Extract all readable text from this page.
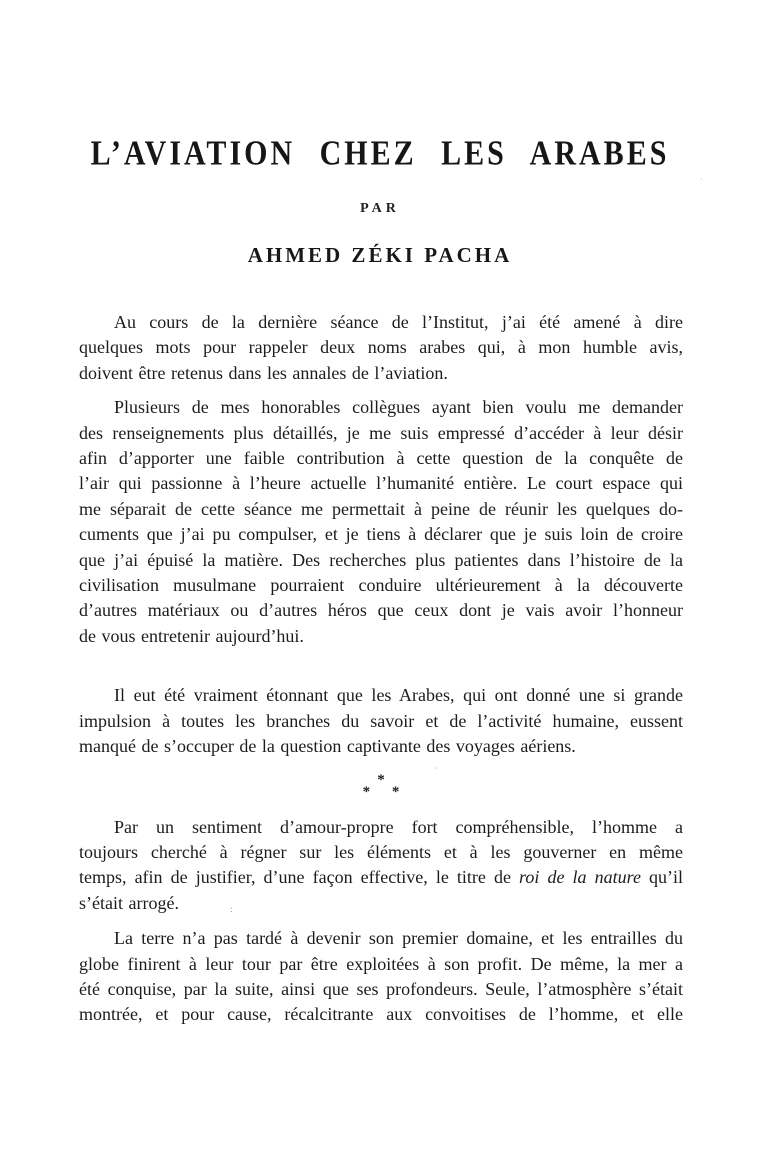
L’AVIATION CHEZ LES ARABES
PAR
AHMED ZÉKI PACHA
Au cours de la dernière séance de l’Institut, j’ai été amené à dire
quelques mots pour rappeler deux noms arabes qui, à mon humble avis,
doivent être retenus dans les annales de l’aviation.
Plusieurs de mes honorables collègues ayant bien voulu me demander
des renseignements plus détaillés, je me suis empressé d’accéder à leur désir
afin d’apporter une faible contribution à cette question de la conquête de
l’air qui passionne à l’heure actuelle l’humanité entière. Le court espace qui
me séparait de cette séance me permettait à peine de réunir les quelques do-
cuments que j’ai pu compulser, et je tiens à déclarer que je suis loin de croire
que j’ai épuisé la matière. Des recherches plus patientes dans l’histoire de la
civilisation musulmane pourraient conduire ultérieurement à la découverte
d’autres matériaux ou d’autres héros que ceux dont je vais avoir l’honneur
de vous entretenir aujourd’hui.
Il eut été vraiment étonnant que les Arabes, qui ont donné une si grande
impulsion à toutes les branches du savoir et de l’activité humaine, eussent
manqué de s’occuper de la question captivante des voyages aériens.
*
* *
Par un sentiment d’amour-propre fort compréhensible, l’homme a
toujours cherché à régner sur les éléments et à les gouverner en même
temps, afin de justifier, d’une façon effective, le titre de roi de la nature qu’il
s’était arrogé.
La terre n’a pas tardé à devenir son premier domaine, et les entrailles du
globe finirent à leur tour par être exploitées à son profit. De même, la mer a
été conquise, par la suite, ainsi que ses profondeurs. Seule, l’atmosphère s’était
montrée, et pour cause, récalcitrante aux convoitises de l’homme, et elle
:
·
·
